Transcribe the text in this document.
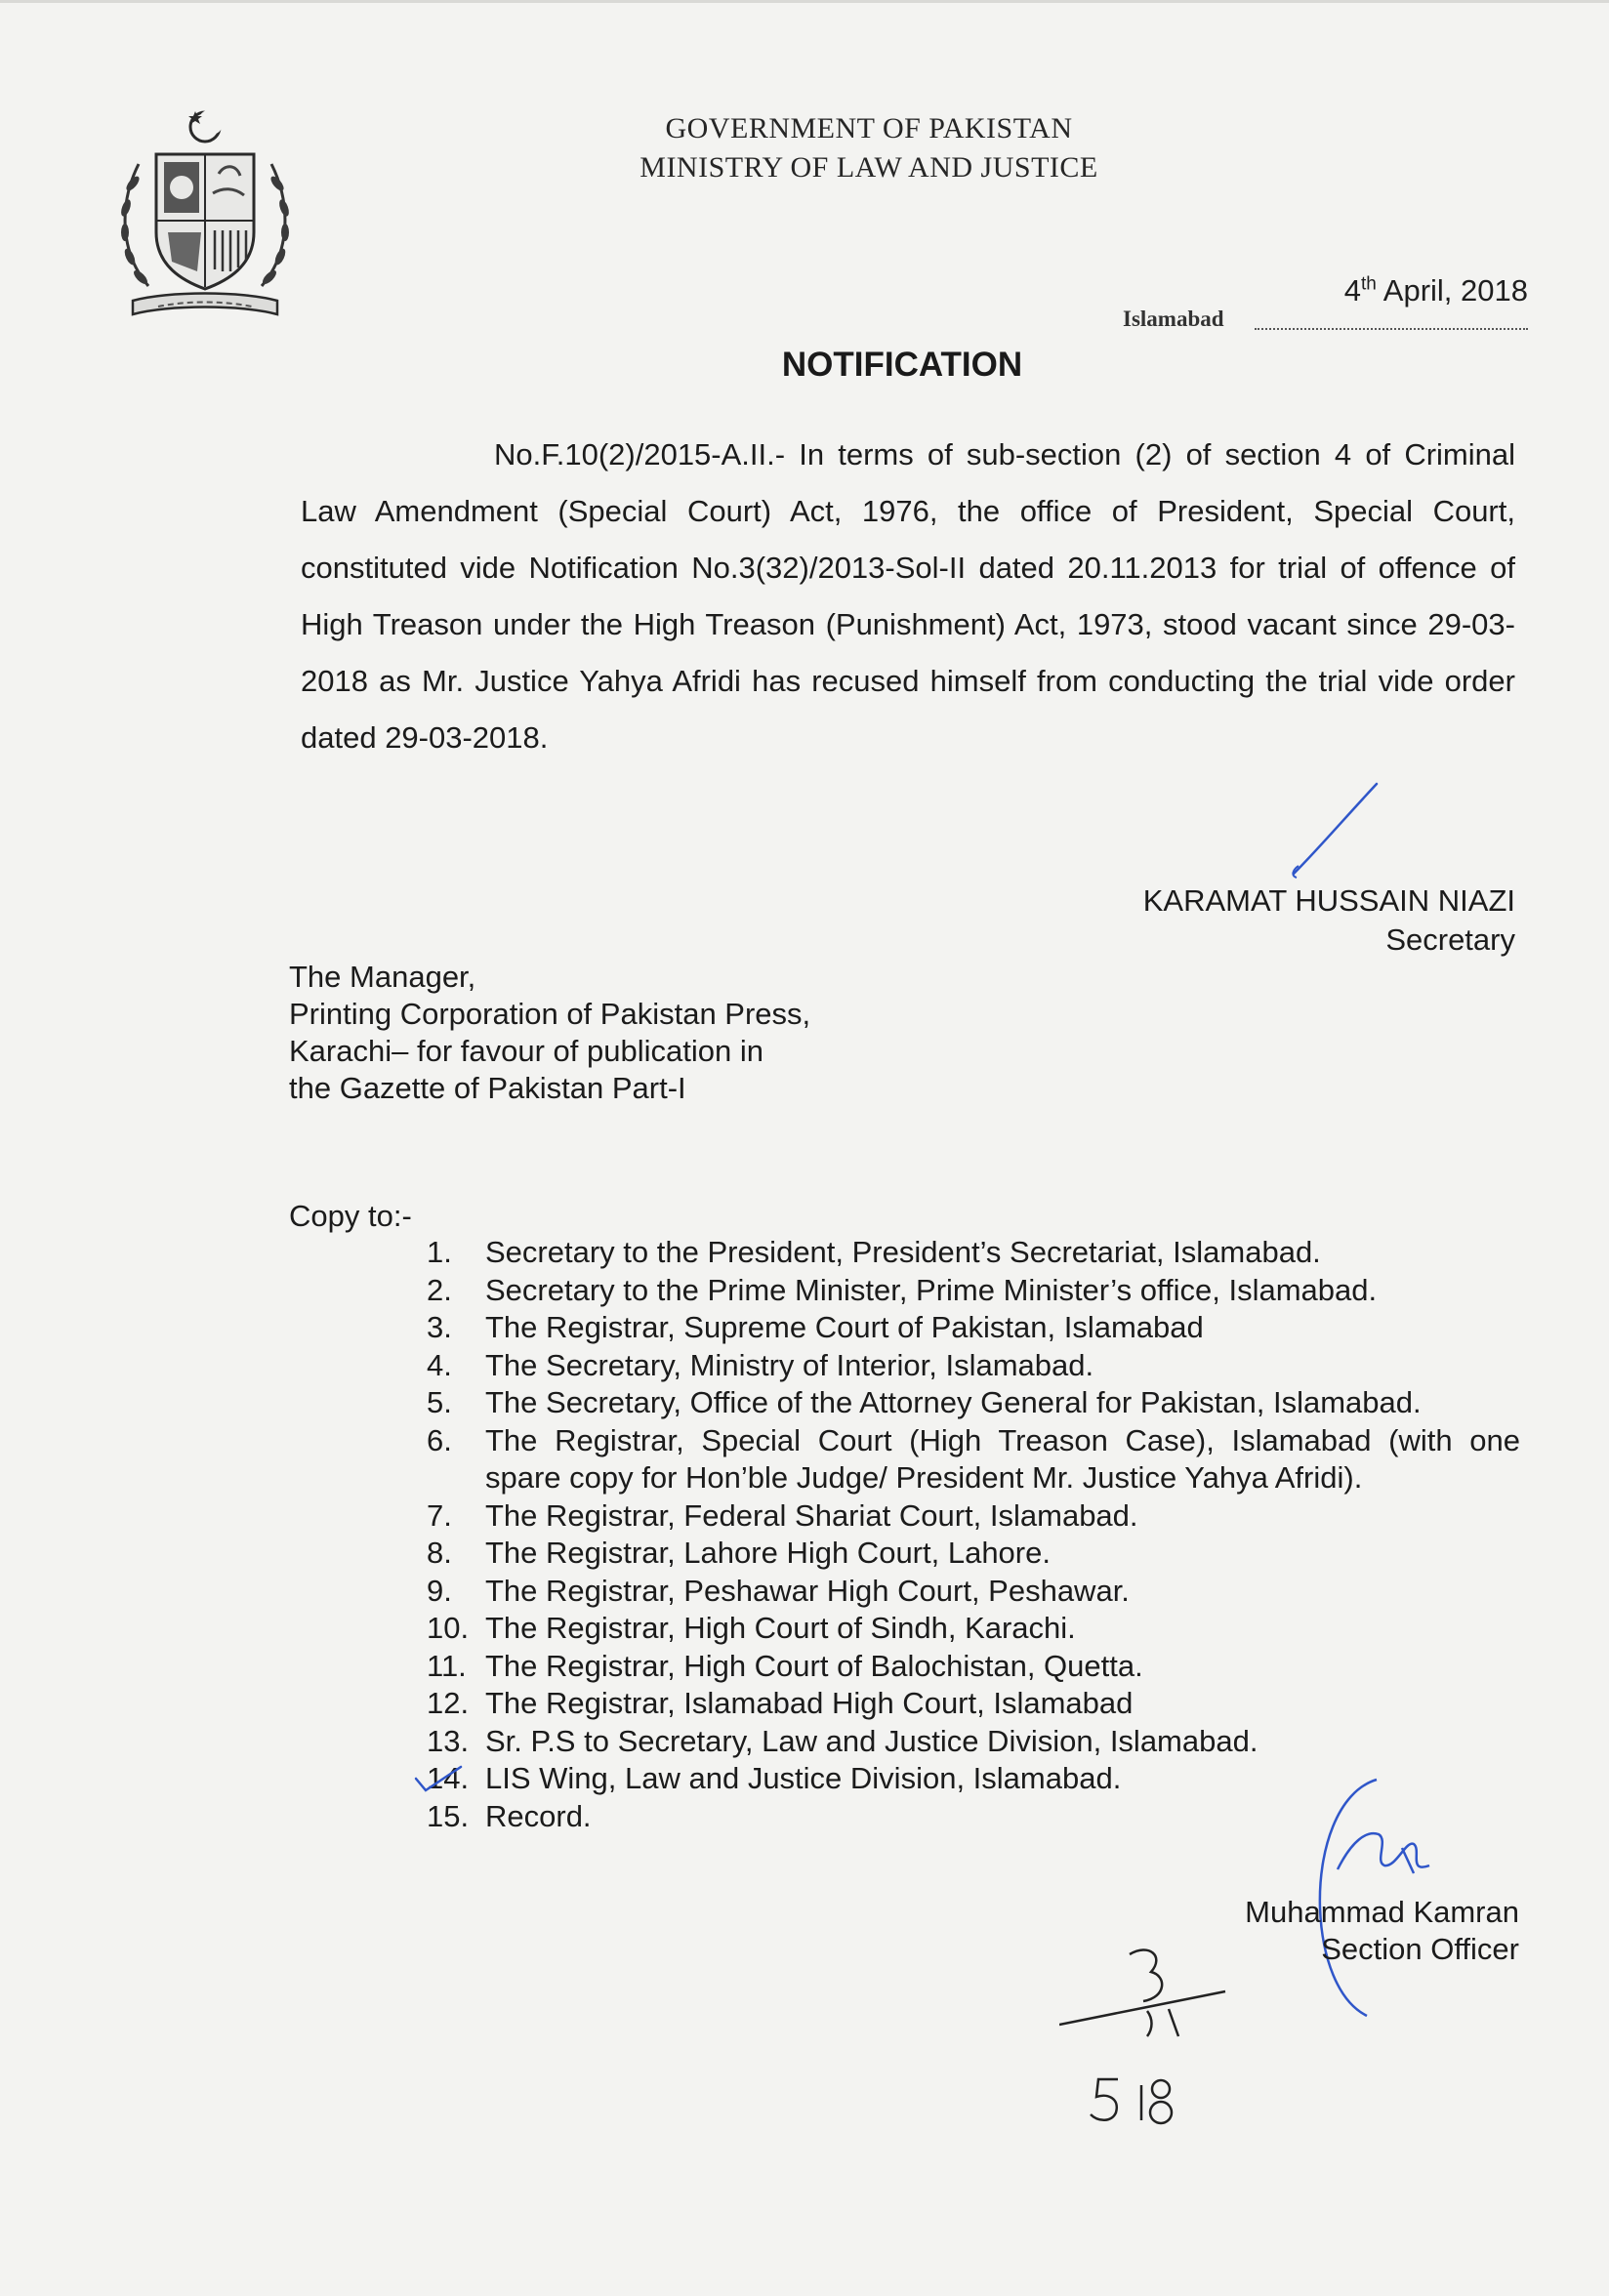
GOVERNMENT OF PAKISTAN
MINISTRY OF LAW AND JUSTICE
4th April, 2018
Islamabad
NOTIFICATION
No.F.10(2)/2015-A.II.- In terms of sub-section (2) of section 4 of Criminal Law Amendment (Special Court) Act, 1976, the office of President, Special Court, constituted vide Notification No.3(32)/2013-Sol-II dated 20.11.2013 for trial of offence of High Treason under the High Treason (Punishment) Act, 1973, stood vacant since 29-03-2018 as Mr. Justice Yahya Afridi has recused himself from conducting the trial vide order dated 29-03-2018.
KARAMAT HUSSAIN NIAZI
Secretary
The Manager,
Printing Corporation of Pakistan Press,
Karachi– for favour of publication in
the Gazette of Pakistan Part-I
Copy to:-
1.	Secretary to the President, President’s Secretariat, Islamabad.
2.	Secretary to the Prime Minister, Prime Minister’s office, Islamabad.
3.	The Registrar, Supreme Court of Pakistan, Islamabad
4.	The Secretary, Ministry of Interior, Islamabad.
5.	The Secretary, Office of the Attorney General for Pakistan, Islamabad.
6.	The Registrar, Special Court (High Treason Case), Islamabad (with one spare copy for Hon’ble Judge/ President Mr. Justice Yahya Afridi).
7.	The Registrar, Federal Shariat Court, Islamabad.
8.	The Registrar, Lahore High Court, Lahore.
9.	The Registrar, Peshawar High Court, Peshawar.
10. The Registrar, High Court of Sindh, Karachi.
11. The Registrar, High Court of Balochistan, Quetta.
12. The Registrar, Islamabad High Court, Islamabad
13. Sr. P.S to Secretary, Law and Justice Division, Islamabad.
14. LIS Wing, Law and Justice Division, Islamabad.
15. Record.
Muhammad Kamran
Section Officer
